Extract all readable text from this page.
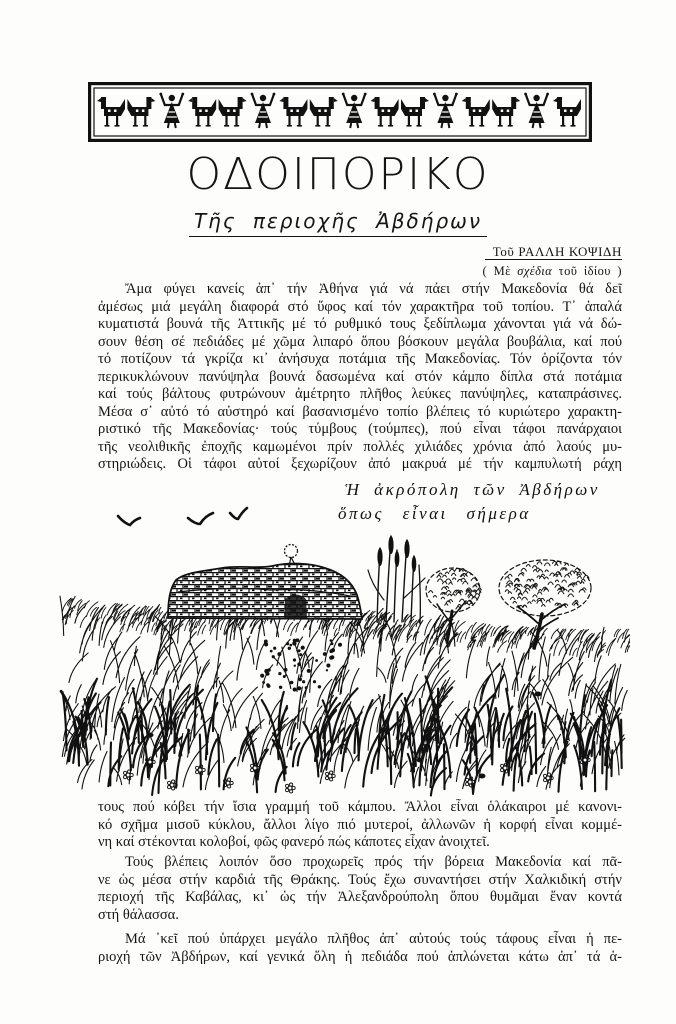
ΟΔΟΙΠΟΡΙΚΟ
Τῆς περιοχῆς Ἀβδήρων
Τοῦ ΡΑΛΛΗ ΚΟΨΙΔΗ
( Μὲ σχέδια τοῦ ἰδίου )
Ἄμα φύγει κανείς ἀπ᾿ τήν Ἀθήνα γιά νά πάει στήν Μακεδονία θά δεῖ
ἀμέσως μιά μεγάλη διαφορά στό ὕφος καί τόν χαρακτῆρα τοῦ τοπίου. Τ᾿ ἁπαλά
κυματιστά βουνά τῆς Ἀττικῆς μέ τό ρυθμικό τους ξεδίπλωμα χάνονται γιά νά δώ-
σουν θέση σέ πεδιάδες μέ χῶμα λιπαρό ὅπου βόσκουν μεγάλα βουβάλια, καί πού
τό ποτίζουν τά γκρίζα κι᾿ ἀνήσυχα ποτάμια τῆς Μακεδονίας. Τόν ὁρίζοντα τόν
περικυκλώνουν πανύψηλα βουνά δασωμένα καί στόν κάμπο δίπλα στά ποτάμια
καί τούς βάλτους φυτρώνουν ἀμέτρητο πλῆθος λεύκες πανύψηλες, καταπράσινες.
Μέσα σ᾿ αὐτό τό αὐστηρό καί βασανισμένο τοπίο βλέπεις τό κυριώτερο χαρακτη-
ριστικό τῆς Μακεδονίας· τούς τύμβους (τούμπες), πού εἶναι τάφοι πανάρχαιοι
τῆς νεολιθικῆς ἐποχῆς καμωμένοι πρίν πολλές χιλιάδες χρόνια ἀπό λαούς μυ-
στηριώδεις. Οἱ τάφοι αὐτοί ξεχωρίζουν ἀπό μακρυά μέ τήν καμπυλωτή ράχη
Ἡ ἀκρόπολη τῶν Ἀβδήρων
ὅπως εἶναι σήμερα
τους πού κόβει τήν ἴσια γραμμή τοῦ κάμπου. Ἄλλοι εἶναι ὁλάκαιροι μέ κανονι-
κό σχῆμα μισοῦ κύκλου, ἄλλοι λίγο πιό μυτεροί, ἀλλωνῶν ἡ κορφή εἶναι κομμέ-
νη καί στέκονται κολοβοί, φῶς φανερό πώς κάποτες εἶχαν ἀνοιχτεῖ.
Τούς βλέπεις λοιπόν ὅσο προχωρεῖς πρός τήν βόρεια Μακεδονία καί πᾶ-
νε ὡς μέσα στήν καρδιά τῆς Θράκης. Τούς ἔχω συναντήσει στήν Χαλκιδική στήν
περιοχή τῆς Καβάλας, κι᾿ ὡς τήν Ἀλεξανδρούπολη ὅπου θυμᾶμαι ἕναν κοντά
στή θάλασσα.
Μά ᾿κεῖ πού ὑπάρχει μεγάλο πλῆθος ἀπ᾿ αὐτούς τούς τάφους εἶναι ἡ πε-
ριοχή τῶν Ἀβδήρων, καί γενικά ὅλη ἡ πεδιάδα πού ἁπλώνεται κάτω ἀπ᾿ τά ἁ-
